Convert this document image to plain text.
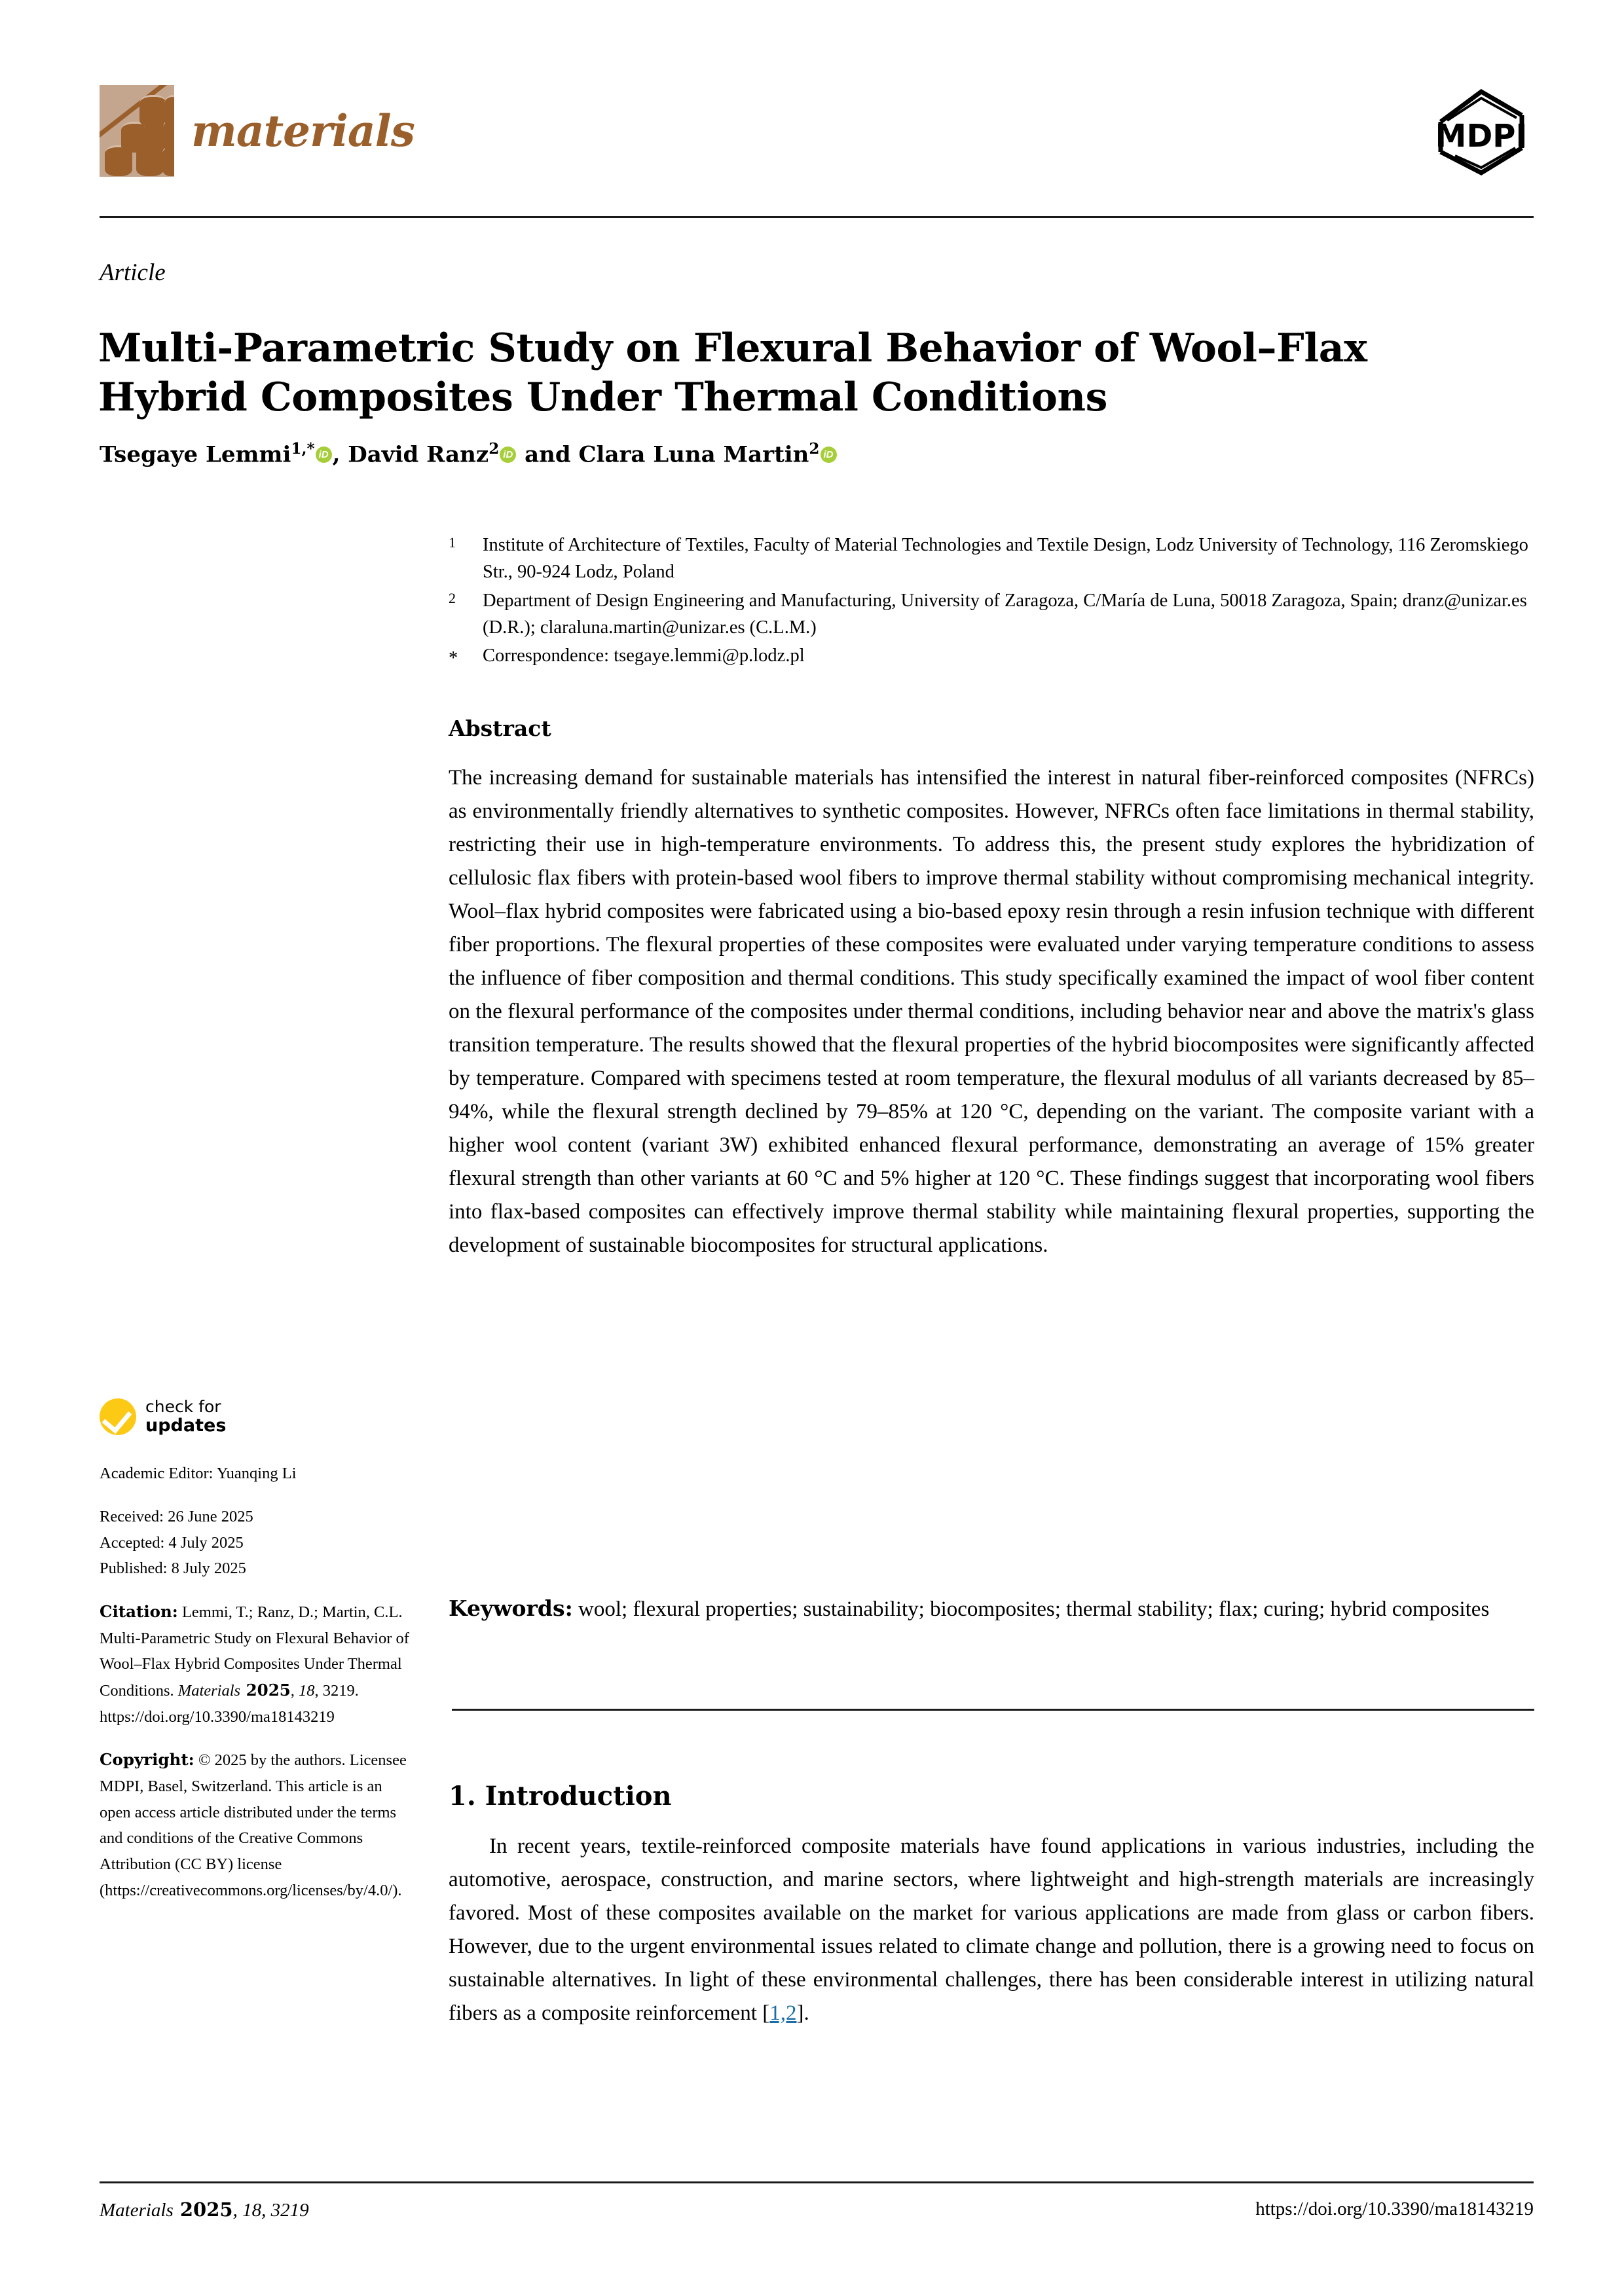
materials	MDPI
Article
Multi-Parametric Study on Flexural Behavior of Wool–Flax Hybrid Composites Under Thermal Conditions
Tsegaye Lemmi$^{1,*}$ iD , David Ranz$^2$ iD and Clara Luna Martin$^2$ iD
1	Institute of Architecture of Textiles, Faculty of Material Technologies and Textile Design, Lodz University of Technology, 116 Zeromskiego Str., 90-924 Lodz, Poland
2	Department of Design Engineering and Manufacturing, University of Zaragoza, C/María de Luna, 50018 Zaragoza, Spain; dranz@unizar.es (D.R.); claraluna.martin@unizar.es (C.L.M.)
*	Correspondence: tsegaye.lemmi@p.lodz.pl
Abstract
The increasing demand for sustainable materials has intensified the interest in natural fiber-reinforced composites (NFRCs) as environmentally friendly alternatives to synthetic composites. However, NFRCs often face limitations in thermal stability, restricting their use in high-temperature environments. To address this, the present study explores the hybridization of cellulosic flax fibers with protein-based wool fibers to improve thermal stability without compromising mechanical integrity. Wool–flax hybrid composites were fabricated using a bio-based epoxy resin through a resin infusion technique with different fiber proportions. The flexural properties of these composites were evaluated under varying temperature conditions to assess the influence of fiber composition and thermal conditions. This study specifically examined the impact of wool fiber content on the flexural performance of the composites under thermal conditions, including behavior near and above the matrix's glass transition temperature. The results showed that the flexural properties of the hybrid biocomposites were significantly affected by temperature. Compared with specimens tested at room temperature, the flexural modulus of all variants decreased by 85–94%, while the flexural strength declined by 79–85% at 120 °C, depending on the variant. The composite variant with a higher wool content (variant 3W) exhibited enhanced flexural performance, demonstrating an average of 15% greater flexural strength than other variants at 60 °C and 5% higher at 120 °C. These findings suggest that incorporating wool fibers into flax-based composites can effectively improve thermal stability while maintaining flexural properties, supporting the development of sustainable biocomposites for structural applications.
Keywords: wool; flexural properties; sustainability; biocomposites; thermal stability; flax; curing; hybrid composites
1. Introduction
In recent years, textile-reinforced composite materials have found applications in various industries, including the automotive, aerospace, construction, and marine sectors, where lightweight and high-strength materials are increasingly favored. Most of these composites available on the market for various applications are made from glass or carbon fibers. However, due to the urgent environmental issues related to climate change and pollution, there is a growing need to focus on sustainable alternatives. In light of these environmental challenges, there has been considerable interest in utilizing natural fibers as a composite reinforcement [1,2].
check for
updates
Academic Editor: Yuanqing Li
Received: 26 June 2025
Accepted: 4 July 2025
Published: 8 July 2025
Citation: Lemmi, T.; Ranz, D.; Martin, C.L. Multi-Parametric Study on Flexural Behavior of Wool–Flax Hybrid Composites Under Thermal Conditions. Materials 2025, 18, 3219.
https://doi.org/10.3390/ma18143219
Copyright: © 2025 by the authors. Licensee MDPI, Basel, Switzerland. This article is an open access article distributed under the terms and conditions of the Creative Commons Attribution (CC BY) license (https://creativecommons.org/licenses/by/4.0/).
Materials 2025, 18, 3219	https://doi.org/10.3390/ma18143219
